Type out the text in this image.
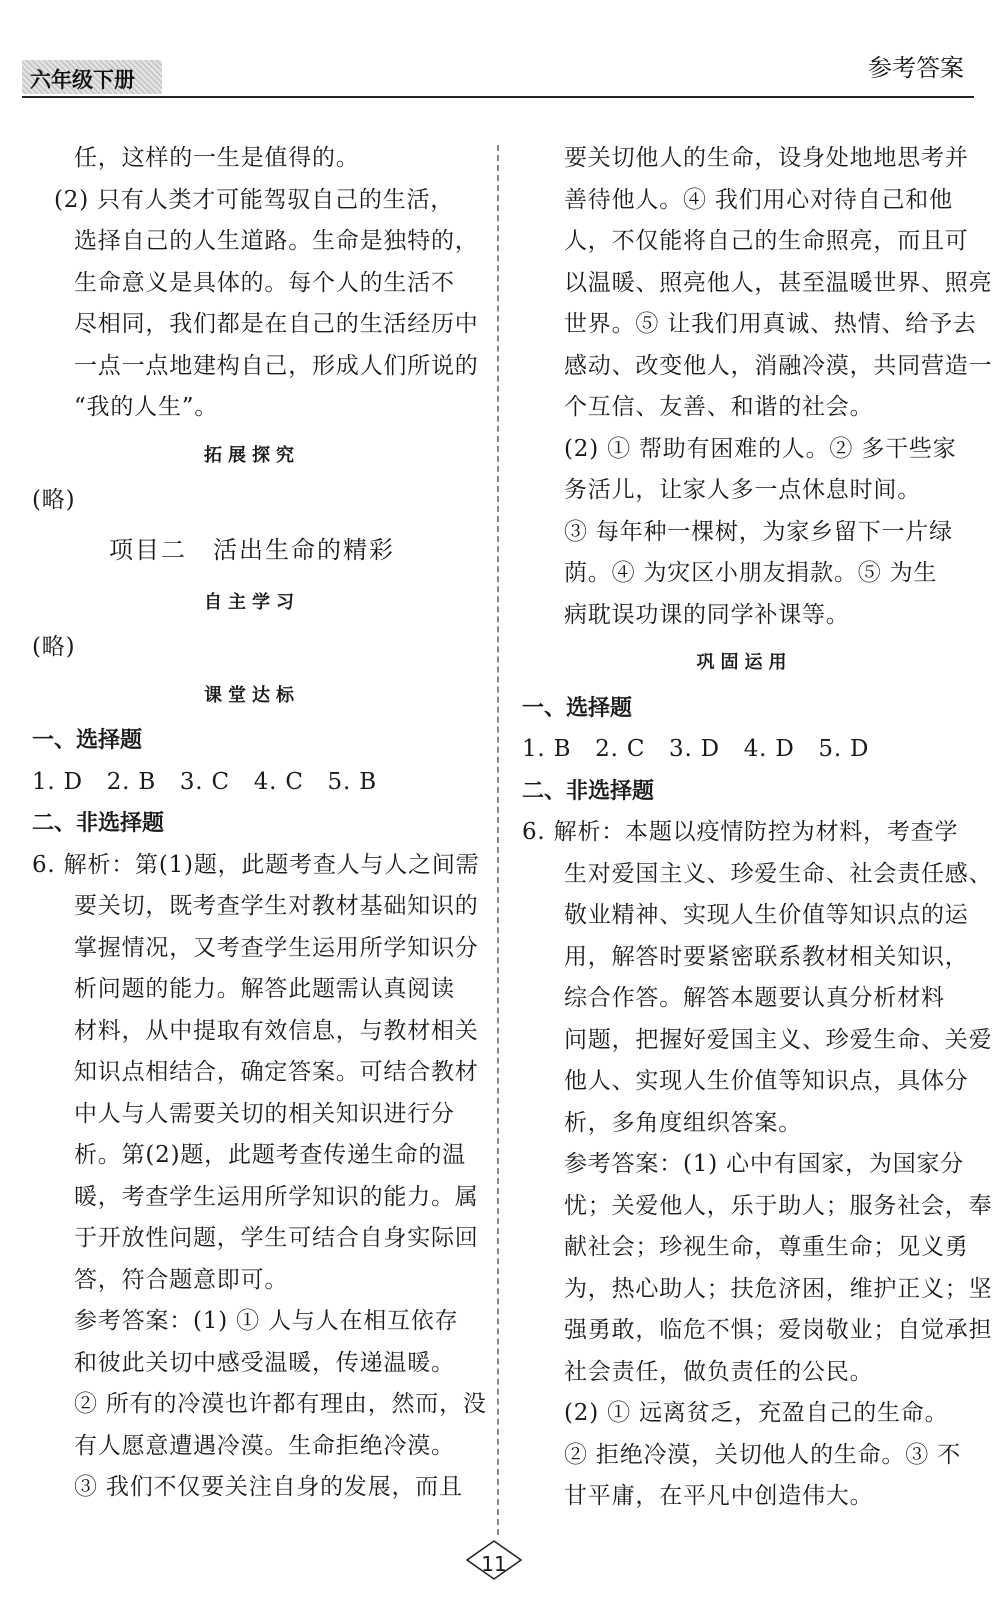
六年级下册	参考答案

任，这样的一生是值得的。

(2) 只有人类才可能驾驭自己的生活，

选择自己的人生道路。生命是独特的，

生命意义是具体的。每个人的生活不

尽相同，我们都是在自己的生活经历中

一点一点地建构自己，形成人们所说的

“我的人生”。

拓展探究

(略)

项目二　活出生命的精彩
自主学习

(略)

课堂达标
一、选择题

1. D　2. B　3. C　4. C　5. B

二、非选择题

6. 解析：第(1)题，此题考查人与人之间需

要关切，既考查学生对教材基础知识的

掌握情况，又考查学生运用所学知识分

析问题的能力。解答此题需认真阅读

材料，从中提取有效信息，与教材相关

知识点相结合，确定答案。可结合教材

中人与人需要关切的相关知识进行分

析。第(2)题，此题考查传递生命的温

暖，考查学生运用所学知识的能力。属

于开放性问题，学生可结合自身实际回

答，符合题意即可。

参考答案：(1) ① 人与人在相互依存

和彼此关切中感受温暖，传递温暖。

② 所有的冷漠也许都有理由，然而，没

有人愿意遭遇冷漠。生命拒绝冷漠。

③ 我们不仅要关注自身的发展，而且

要关切他人的生命，设身处地地思考并

善待他人。④ 我们用心对待自己和他

人，不仅能将自己的生命照亮，而且可

以温暖、照亮他人，甚至温暖世界、照亮

世界。⑤ 让我们用真诚、热情、给予去

感动、改变他人，消融冷漠，共同营造一

个互信、友善、和谐的社会。

(2) ① 帮助有困难的人。② 多干些家

务活儿，让家人多一点休息时间。

③ 每年种一棵树，为家乡留下一片绿

荫。④ 为灾区小朋友捐款。⑤ 为生

病耽误功课的同学补课等。

巩固运用
一、选择题

1. B　2. C　3. D　4. D　5. D

二、非选择题

6. 解析：本题以疫情防控为材料，考查学

生对爱国主义、珍爱生命、社会责任感、

敬业精神、实现人生价值等知识点的运

用，解答时要紧密联系教材相关知识，

综合作答。解答本题要认真分析材料

问题，把握好爱国主义、珍爱生命、关爱

他人、实现人生价值等知识点，具体分

析，多角度组织答案。

参考答案：(1) 心中有国家，为国家分

忧；关爱他人，乐于助人；服务社会，奉

献社会；珍视生命，尊重生命；见义勇

为，热心助人；扶危济困，维护正义；坚

强勇敢，临危不惧；爱岗敬业；自觉承担

社会责任，做负责任的公民。

(2) ① 远离贫乏，充盈自己的生命。

② 拒绝冷漠，关切他人的生命。③ 不

甘平庸，在平凡中创造伟大。

11
